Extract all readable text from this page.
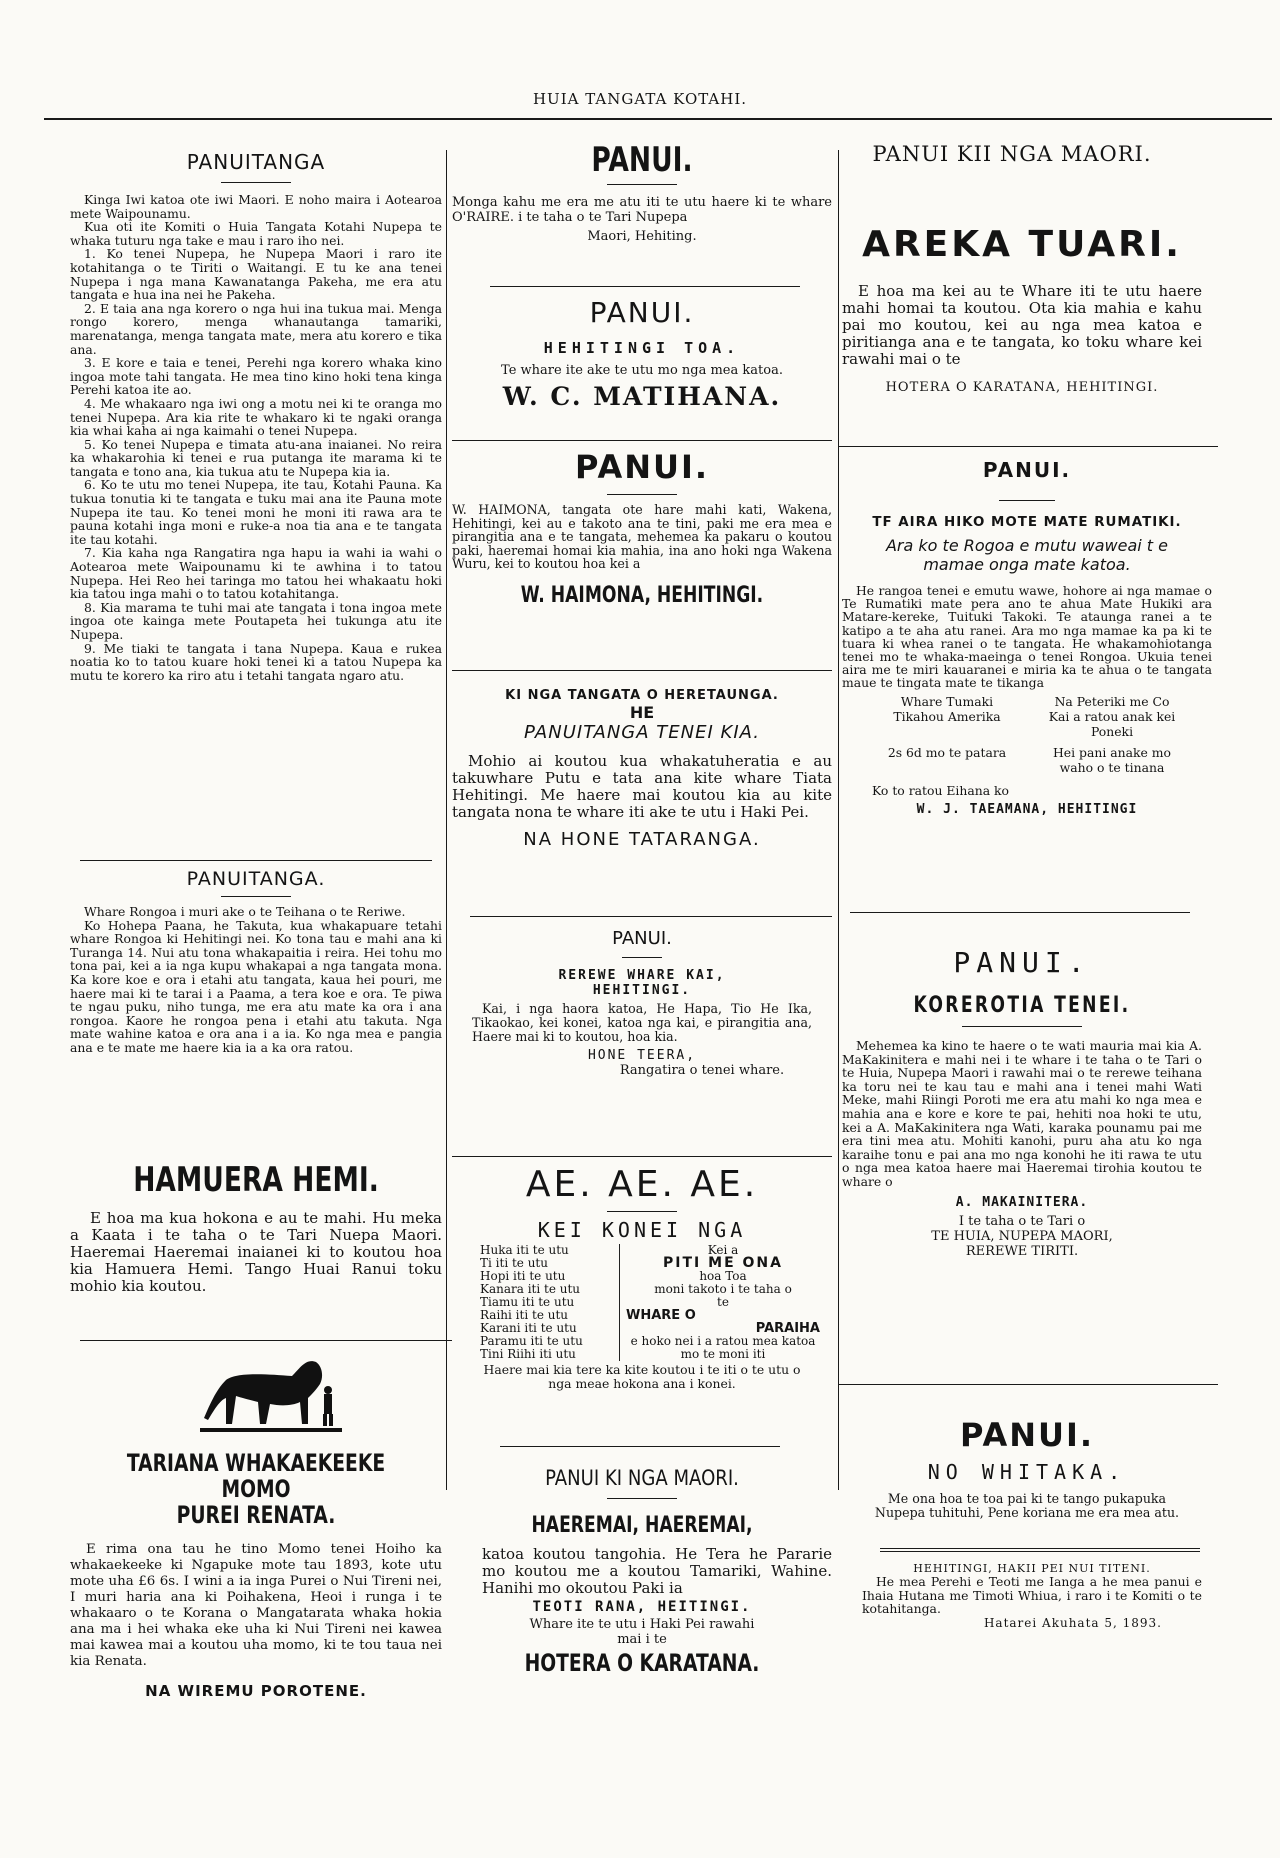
HUIA TANGATA KOTAHI.
PANUITANGA

Kinga Iwi katoa ote iwi Maori. E noho maira i Aotearoa mete Waipounamu.

Kua oti ite Komiti o Huia Tangata Kotahi Nupepa te whaka tuturu nga take e mau i raro iho nei.

1. Ko tenei Nupepa, he Nupepa Maori i raro ite kotahitanga o te Tiriti o Waitangi. E tu ke ana tenei Nupepa i nga mana Kawanatanga Pakeha, me era atu tangata e hua ina nei he Pakeha.

2. E taia ana nga korero o nga hui ina tukua mai. Menga rongo korero, menga whanautanga tamariki, marenatanga, menga tangata mate, mera atu korero e tika ana.

3. E kore e taia e tenei, Perehi nga korero whaka kino ingoa mote tahi tangata. He mea tino kino hoki tena kinga Perehi katoa ite ao.

4. Me whakaaro nga iwi ong a motu nei ki te oranga mo tenei Nupepa. Ara kia rite te whakaro ki te ngaki oranga kia whai kaha ai nga kaimahi o tenei Nupepa.

5. Ko tenei Nupepa e timata atu-ana inaianei. No reira ka whakarohia ki tenei e rua putanga ite marama ki te tangata e tono ana, kia tukua atu te Nupepa kia ia.

6. Ko te utu mo tenei Nupepa, ite tau, Kotahi Pauna. Ka tukua tonutia ki te tangata e tuku mai ana ite Pauna mote Nupepa ite tau. Ko tenei moni he moni iti rawa ara te pauna kotahi inga moni e ruke-a noa tia ana e te tangata ite tau kotahi.

7. Kia kaha nga Rangatira nga hapu ia wahi ia wahi o Aotearoa mete Waipounamu ki te awhina i to tatou Nupepa. Hei Reo hei taringa mo tatou hei whakaatu hoki kia tatou inga mahi o to tatou kotahitanga.

8. Kia marama te tuhi mai ate tangata i tona ingoa mete ingoa ote kainga mete Poutapeta hei tukunga atu ite Nupepa.

9. Me tiaki te tangata i tana Nupepa. Kaua e rukea noatia ko to tatou kuare hoki tenei ki a tatou Nupepa ka mutu te korero ka riro atu i tetahi tangata ngaro atu.

PANUITANGA.

Whare Rongoa i muri ake o te Teihana o te Reriwe.

Ko Hohepa Paana, he Takuta, kua whakapuare tetahi whare Rongoa ki Hehitingi nei. Ko tona tau e mahi ana ki Turanga 14. Nui atu tona whakapaitia i reira. Hei tohu mo tona pai, kei a ia nga kupu whakapai a nga tangata mona. Ka kore koe e ora i etahi atu tangata, kaua hei pouri, me haere mai ki te tarai i a Paama, a tera koe e ora. Te piwa te ngau puku, niho tunga, me era atu mate ka ora i ana rongoa. Kaore he rongoa pena i etahi atu takuta. Nga mate wahine katoa e ora ana i a ia. Ko nga mea e pangia ana e te mate me haere kia ia a ka ora ratou.

HAMUERA HEMI.
E hoa ma kua hokona e au te mahi. Hu meka a Kaata i te taha o te Tari Nuepa Maori. Haeremai Haeremai inaianei ki to koutou hoa kia Hamuera Hemi. Tango Huai Ranui toku mohio kia koutou.
TARIANA WHAKAEKEEKE MOMO
PUREI RENATA.
E rima ona tau he tino Momo tenei Hoiho ka whakaekeeke ki Ngapuke mote tau 1893, kote utu mote uha £6 6s. I wini a ia inga Purei o Nui Tireni nei, I muri haria ana ki Poihakena, Heoi i runga i te whakaaro o te Korana o Mangatarata whaka hokia ana ma i hei whaka eke uha ki Nui Tireni nei kawea mai kawea mai a koutou uha momo, ki te tou taua nei kia Renata.
NA WIREMU POROTENE.
PANUI.
Monga kahu me era me atu iti te utu haere ki te whare O'RAIRE. i te taha o te Tari Nupepa
Maori, Hehiting.
PANUI.
HEHITINGI TOA.
Te whare ite ake te utu mo nga mea katoa.
W. C. MATIHANA.
PANUI.
W. HAIMONA, tangata ote hare mahi kati, Wakena, Hehitingi, kei au e takoto ana te tini, paki me era mea e pirangitia ana e te tangata, mehemea ka pakaru o koutou paki, haeremai homai kia mahia, ina ano hoki nga Wakena Wuru, kei to koutou hoa kei a
W. HAIMONA, HEHITINGI.
KI NGA TANGATA O HERETAUNGA.
HE
PANUITANGA TENEI KIA.
Mohio ai koutou kua whakatuheratia e au takuwhare Putu e tata ana kite whare Tiata Hehitingi. Me haere mai koutou kia au kite tangata nona te whare iti ake te utu i Haki Pei.
NA HONE TATARANGA.
PANUI.
REREWE WHARE KAI,
HEHITINGI.
Kai, i nga haora katoa, He Hapa, Tio He Ika, Tikaokao, kei konei, katoa nga kai, e pirangitia ana, Haere mai ki to koutou, hoa kia.
HONE TEERA,
Rangatira o tenei whare.
AE. AE. AE.
KEI KONEI NGA
Huka iti te utu
Ti iti te utu
Hopi iti te utu
Kanara iti te utu
Tiamu iti te utu
Raihi iti te utu
Karani iti te utu
Paramu iti te utu
Tini Riihi iti utu
Kei a
PITI ME ONA
hoa Toa
moni takoto i te taha o
te
WHARE O
PARAIHA
e hoko nei i a ratou mea katoa mo te moni iti
Haere mai kia tere ka kite koutou i te iti o te utu o nga meae hokona ana i konei.
PANUI KI NGA MAORI.
HAEREMAI, HAEREMAI,
katoa koutou tangohia. He Tera he Pararie mo koutou me a koutou Tamariki, Wahine. Hanihi mo okoutou Paki ia
TEOTI RANA, HEITINGI.
Whare ite te utu i Haki Pei rawahi
mai i te
HOTERA O KARATANA.
PANUI KII NGA MAORI.
AREKA TUARI.
E hoa ma kei au te Whare iti te utu haere mahi homai ta koutou. Ota kia mahia e kahu pai mo koutou, kei au nga mea katoa e piritianga ana e te tangata, ko toku whare kei rawahi mai o te
HOTERA O KARATANA, HEHITINGI.
PANUI.
TF AIRA HIKO MOTE MATE RUMATIKI.
Ara ko te Rogoa e mutu waweai t e
mamae onga mate katoa.
He rangoa tenei e emutu wawe, hohore ai nga mamae o Te Rumatiki mate pera ano te ahua Mate Hukiki ara Matare-kereke, Tuituki Takoki. Te ataunga ranei a te katipo a te aha atu ranei. Ara mo nga mamae ka pa ki te tuara ki whea ranei o te tangata. He whakamohiotanga tenei mo te whaka-maeinga o tenei Rongoa. Ukuia tenei aira me te miri kauaranei e miria ka te ahua o te tangata maue te tingata mate te tikanga
Whare Tumaki
Tikahou Amerika
2s 6d mo te patara
Na Peteriki me Co
Kai a ratou anak kei
Poneki
Hei pani anake mo
waho o te tinana
Ko to ratou Eihana ko
W. J. TAEAMANA, HEHITINGI
PANUI.
KOREROTIA TENEI.
Mehemea ka kino te haere o te wati mauria mai kia A. MaKakinitera e mahi nei i te whare i te taha o te Tari o te Huia, Nupepa Maori i rawahi mai o te rerewe teihana ka toru nei te kau tau e mahi ana i tenei mahi Wati Meke, mahi Riingi Poroti me era atu mahi ko nga mea e mahia ana e kore e kore te pai, hehiti noa hoki te utu, kei a A. MaKakinitera nga Wati, karaka pounamu pai me era tini mea atu. Mohiti kanohi, puru aha atu ko nga karaihe tonu e pai ana mo nga konohi he iti rawa te utu o nga mea katoa haere mai Haeremai tirohia koutou te whare o
A. MAKAINITERA.
I te taha o te Tari o
TE HUIA, NUPEPA MAORI,
REREWE TIRITI.
PANUI.
NO WHITAKA.
Me ona hoa te toa pai ki te tango pukapuka Nupepa tuhituhi, Pene koriana me era mea atu.
HEHITINGI, HAKII PEI NUI TITENI.
He mea Perehi e Teoti me Ianga a he mea panui e Ihaia Hutana me Timoti Whiua, i raro i te Komiti o te kotahitanga.
Hatarei Akuhata 5, 1893.
